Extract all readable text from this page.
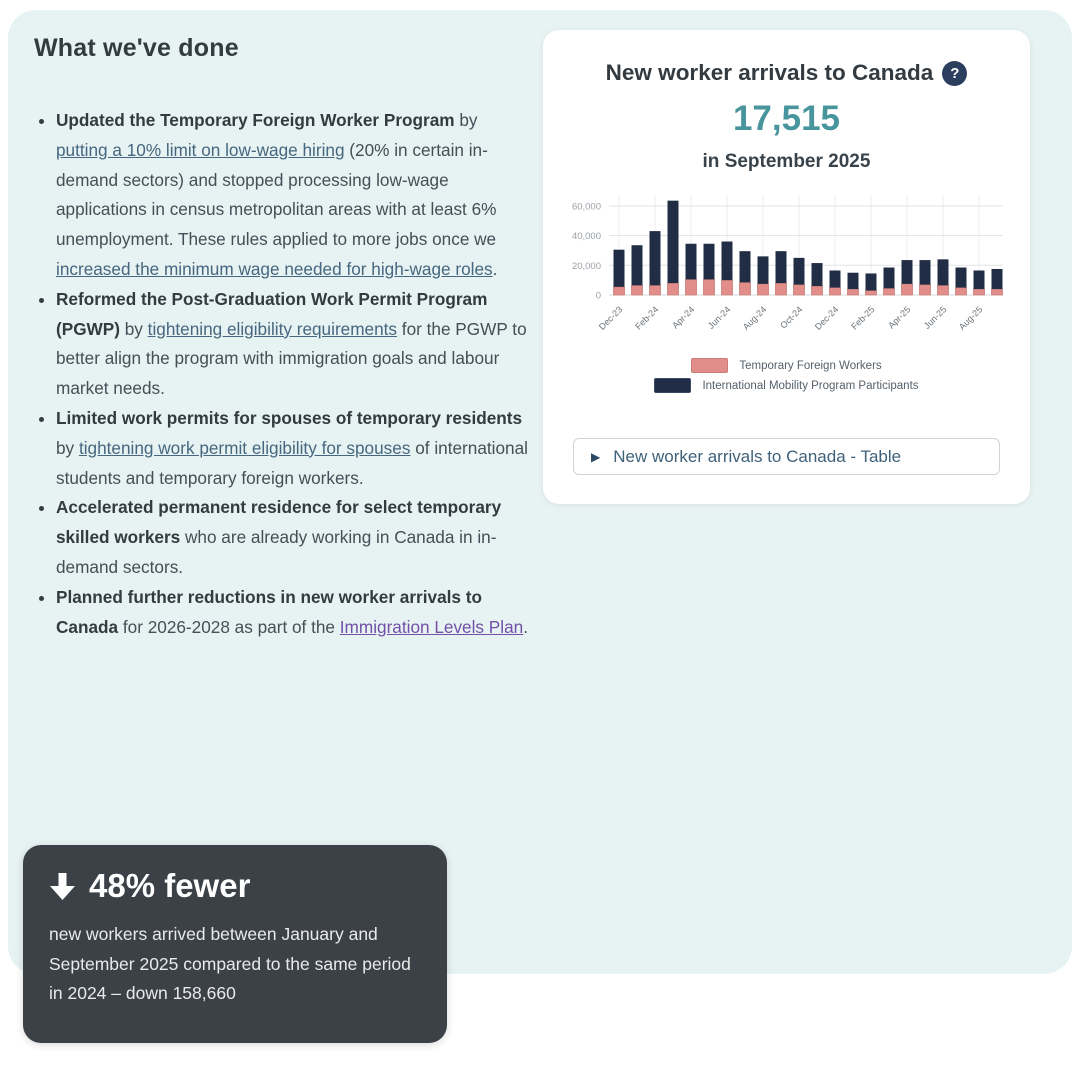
What we've done
• Updated the Temporary Foreign Worker Program by putting a 10% limit on low-wage hiring (20% in certain in-demand sectors) and stopped processing low-wage applications in census metropolitan areas with at least 6% unemployment. These rules applied to more jobs once we increased the minimum wage needed for high-wage roles.
• Reformed the Post-Graduation Work Permit Program (PGWP) by tightening eligibility requirements for the PGWP to better align the program with immigration goals and labour market needs.
• Limited work permits for spouses of temporary residents by tightening work permit eligibility for spouses of international students and temporary foreign workers.
• Accelerated permanent residence for select temporary skilled workers who are already working in Canada in in- demand sectors.
• Planned further reductions in new worker arrivals to Canada for 2026-2028 as part of the Immigration Levels Plan.
New worker arrivals to Canada	?
17,515
in September 2025
0
20,000
40,000
60,000
Dec-23 Feb-24 Apr-24 Jun-24 Aug-24 Oct-24 Dec-24 Feb-25 Apr-25 Jun-25 Aug-25
Temporary Foreign Workers
International Mobility Program Participants
▶ New worker arrivals to Canada - Table
48% fewer
new workers arrived between January and September 2025 compared to the same period in 2024 – down 158,660
